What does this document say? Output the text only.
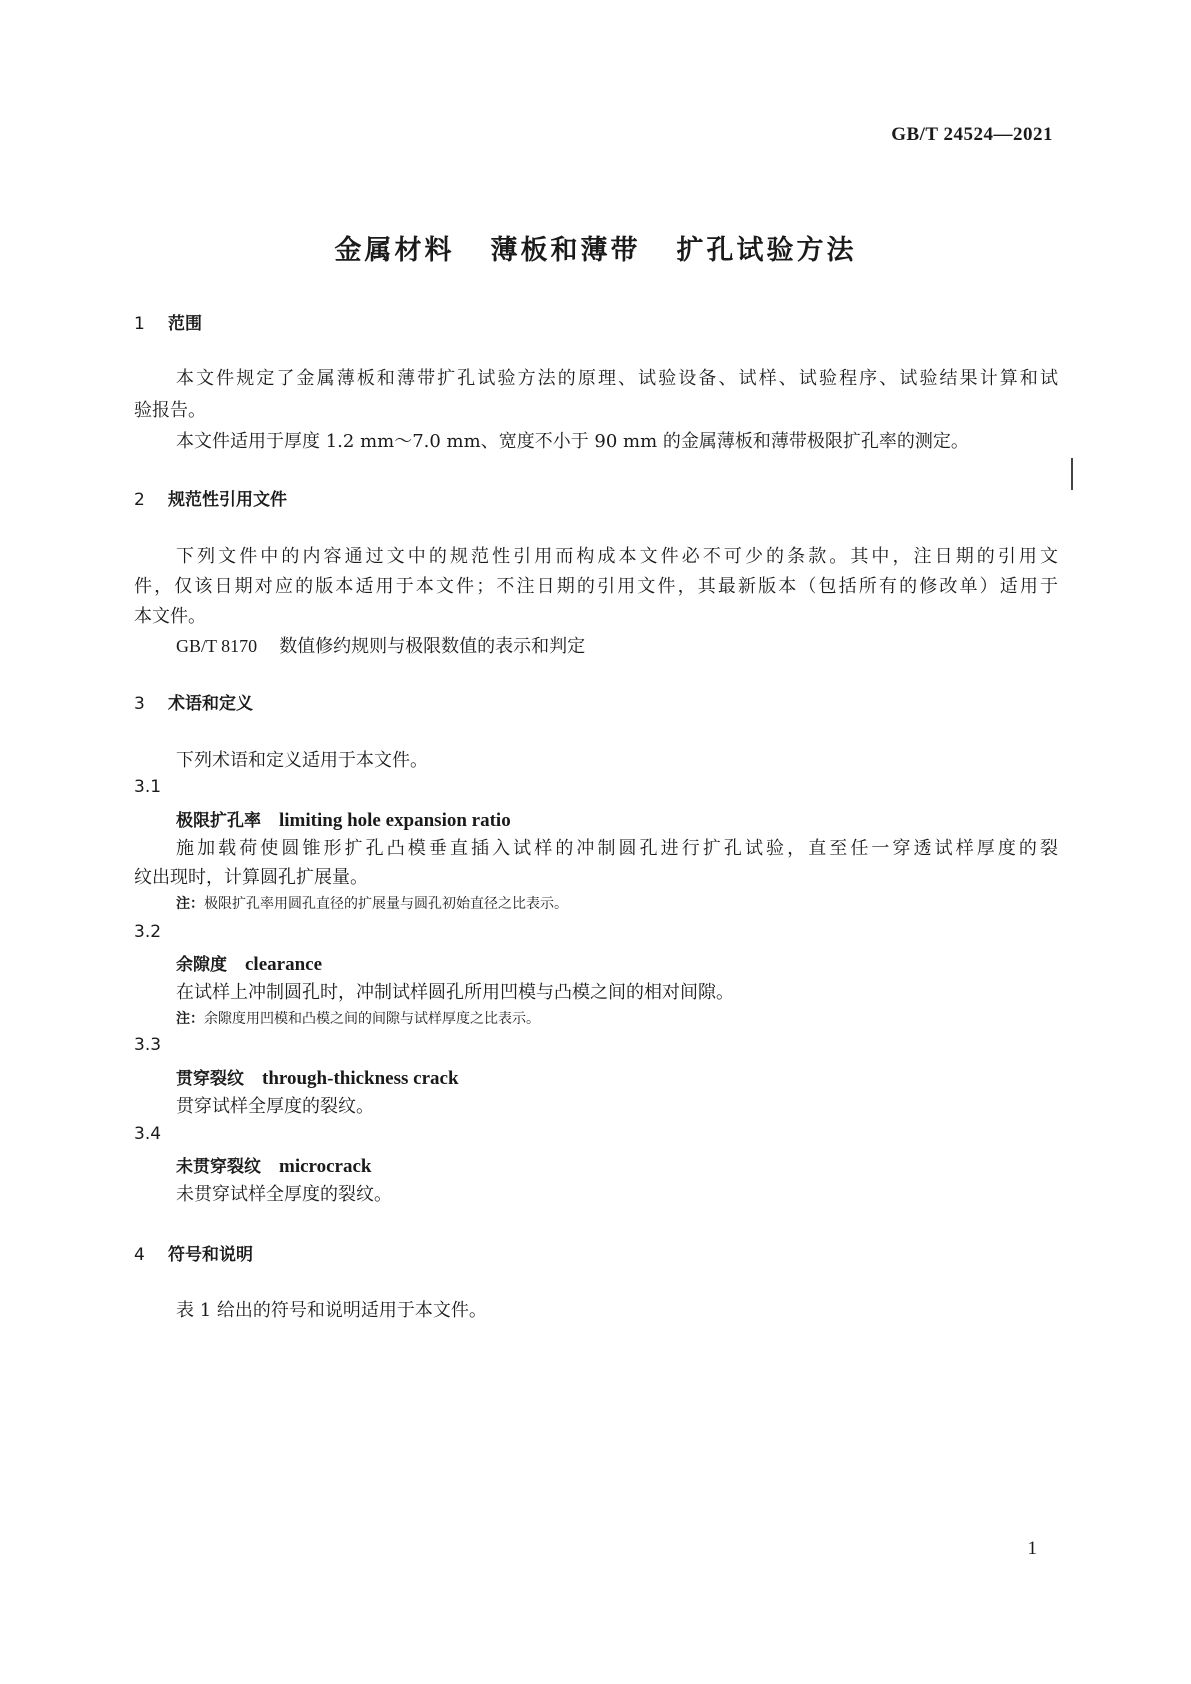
GB/T 24524—2021
金属材料 薄板和薄带 扩孔试验方法
1 范围
本文件规定了金属薄板和薄带扩孔试验方法的原理、试验设备、试样、试验程序、试验结果计算和试
验报告。
本文件适用于厚度 1.2 mm～7.0 mm、宽度不小于 90 mm 的金属薄板和薄带极限扩孔率的测定。
2 规范性引用文件
下列文件中的内容通过文中的规范性引用而构成本文件必不可少的条款。其中，注日期的引用文
件，仅该日期对应的版本适用于本文件；不注日期的引用文件，其最新版本（包括所有的修改单）适用于
本文件。
GB/T 8170 数值修约规则与极限数值的表示和判定
3 术语和定义
下列术语和定义适用于本文件。
3.1
极限扩孔率 limiting hole expansion ratio
施加载荷使圆锥形扩孔凸模垂直插入试样的冲制圆孔进行扩孔试验，直至任一穿透试样厚度的裂
纹出现时，计算圆孔扩展量。
注：极限扩孔率用圆孔直径的扩展量与圆孔初始直径之比表示。
3.2
余隙度 clearance
在试样上冲制圆孔时，冲制试样圆孔所用凹模与凸模之间的相对间隙。
注：余隙度用凹模和凸模之间的间隙与试样厚度之比表示。
3.3
贯穿裂纹 through-thickness crack
贯穿试样全厚度的裂纹。
3.4
未贯穿裂纹 microcrack
未贯穿试样全厚度的裂纹。
4 符号和说明
表 1 给出的符号和说明适用于本文件。
1
